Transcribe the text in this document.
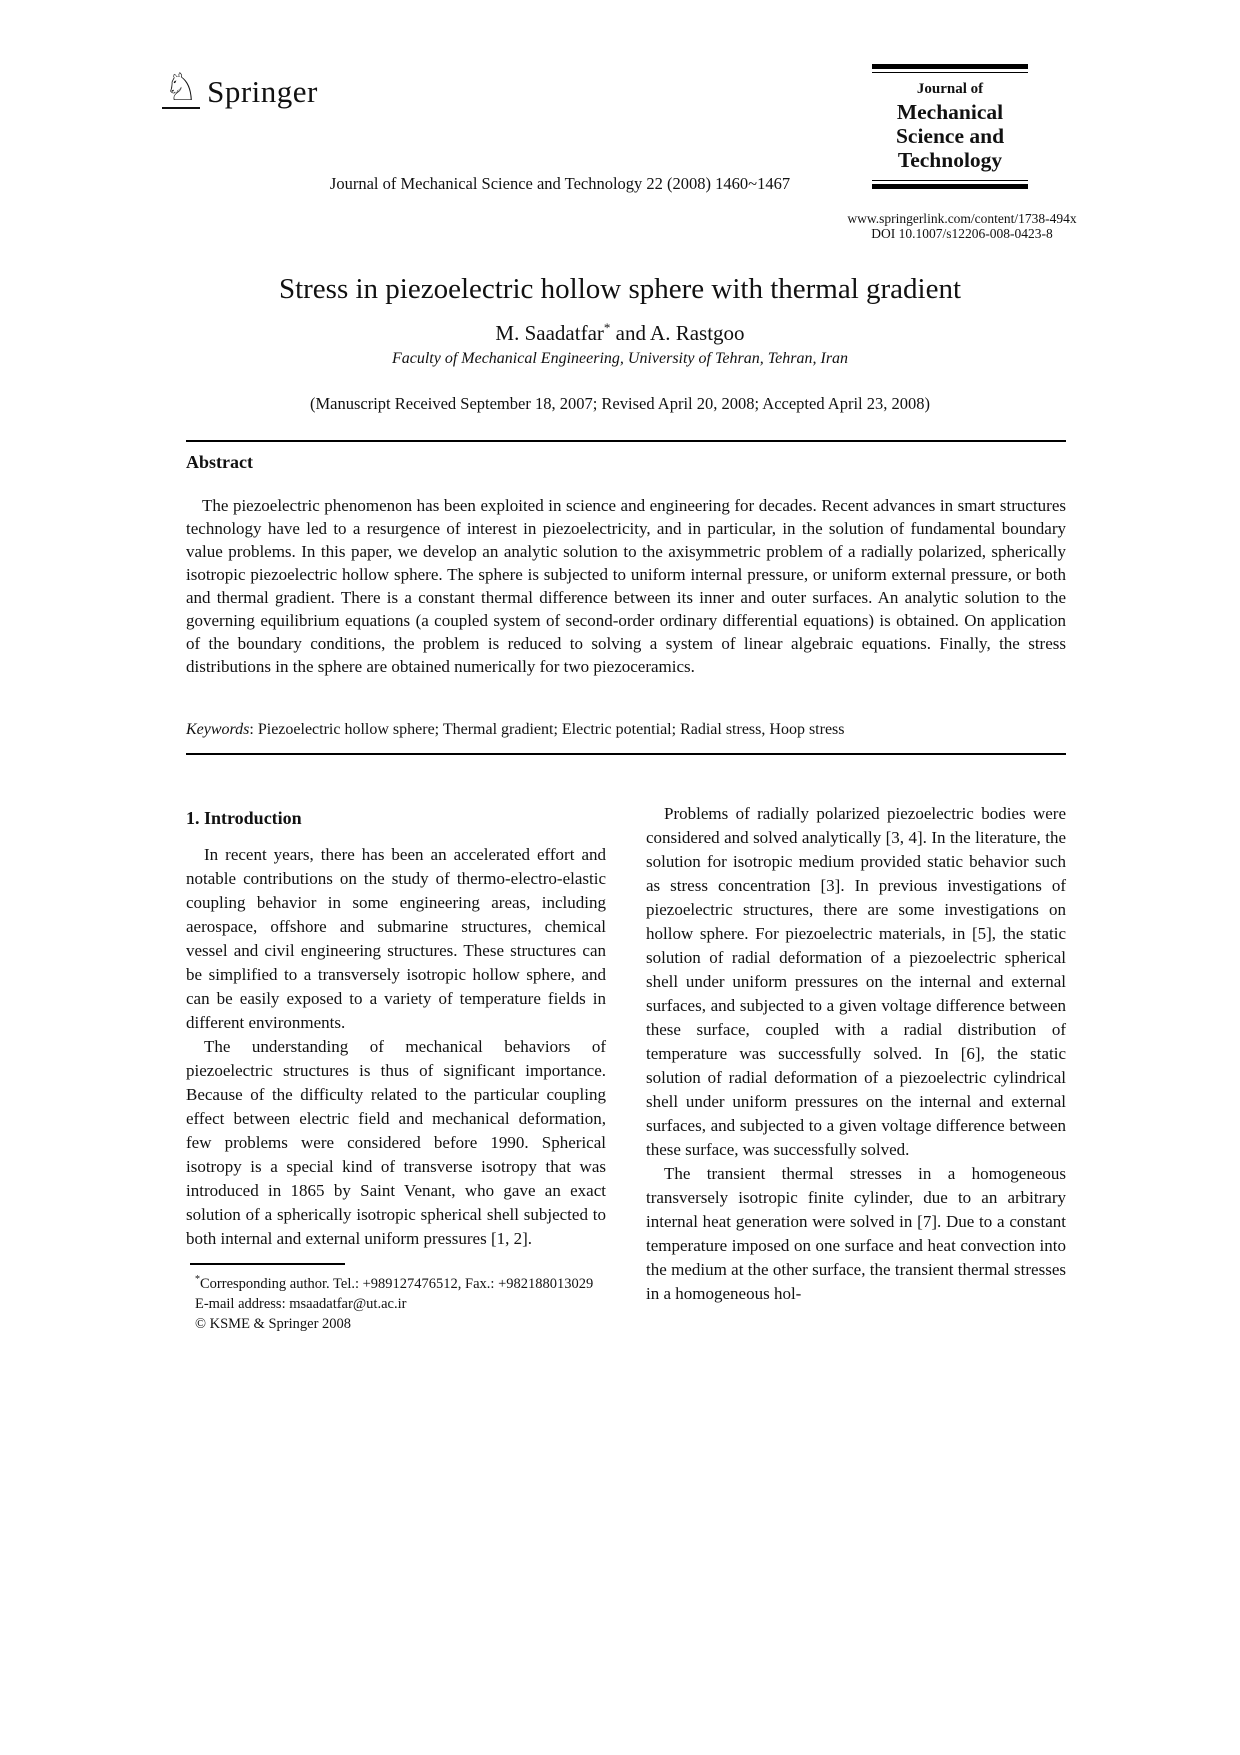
♘ Springer
Journal of Mechanical Science and Technology 22 (2008) 1460~1467
Journal of
Mechanical Science and Technology
www.springerlink.com/content/1738-494x
DOI 10.1007/s12206-008-0423-8
Stress in piezoelectric hollow sphere with thermal gradient
M. Saadatfar* and A. Rastgoo
Faculty of Mechanical Engineering, University of Tehran, Tehran, Iran
(Manuscript Received September 18, 2007; Revised April 20, 2008; Accepted April 23, 2008)
Abstract
The piezoelectric phenomenon has been exploited in science and engineering for decades. Recent advances in smart structures technology have led to a resurgence of interest in piezoelectricity, and in particular, in the solution of fundamental boundary value problems. In this paper, we develop an analytic solution to the axisymmetric problem of a radially polarized, spherically isotropic piezoelectric hollow sphere. The sphere is subjected to uniform internal pressure, or uniform external pressure, or both and thermal gradient. There is a constant thermal difference between its inner and outer surfaces. An analytic solution to the governing equilibrium equations (a coupled system of second-order ordinary differential equations) is obtained. On application of the boundary conditions, the problem is reduced to solving a system of linear algebraic equations. Finally, the stress distributions in the sphere are obtained numerically for two piezoceramics.
Keywords: Piezoelectric hollow sphere; Thermal gradient; Electric potential; Radial stress, Hoop stress
1. Introduction

In recent years, there has been an accelerated effort and notable contributions on the study of thermo-electro-elastic coupling behavior in some engineering areas, including aerospace, offshore and submarine structures, chemical vessel and civil engineering structures. These structures can be simplified to a transversely isotropic hollow sphere, and can be easily exposed to a variety of temperature fields in different environments.

The understanding of mechanical behaviors of piezoelectric structures is thus of significant importance. Because of the difficulty related to the particular coupling effect between electric field and mechanical deformation, few problems were considered before 1990. Spherical isotropy is a special kind of transverse isotropy that was introduced in 1865 by Saint Venant, who gave an exact solution of a spherically isotropic spherical shell subjected to both internal and external uniform pressures [1, 2].

*Corresponding author. Tel.: +989127476512, Fax.: +982188013029
E-mail address: msaadatfar@ut.ac.ir
© KSME & Springer 2008

Problems of radially polarized piezoelectric bodies were considered and solved analytically [3, 4]. In the literature, the solution for isotropic medium provided static behavior such as stress concentration [3]. In previous investigations of piezoelectric structures, there are some investigations on hollow sphere. For piezoelectric materials, in [5], the static solution of radial deformation of a piezoelectric spherical shell under uniform pressures on the internal and external surfaces, and subjected to a given voltage difference between these surface, coupled with a radial distribution of temperature was successfully solved. In [6], the static solution of radial deformation of a piezoelectric cylindrical shell under uniform pressures on the internal and external surfaces, and subjected to a given voltage difference between these surface, was successfully solved.

The transient thermal stresses in a homogeneous transversely isotropic finite cylinder, due to an arbitrary internal heat generation were solved in [7]. Due to a constant temperature imposed on one surface and heat convection into the medium at the other surface, the transient thermal stresses in a homogeneous hol-
